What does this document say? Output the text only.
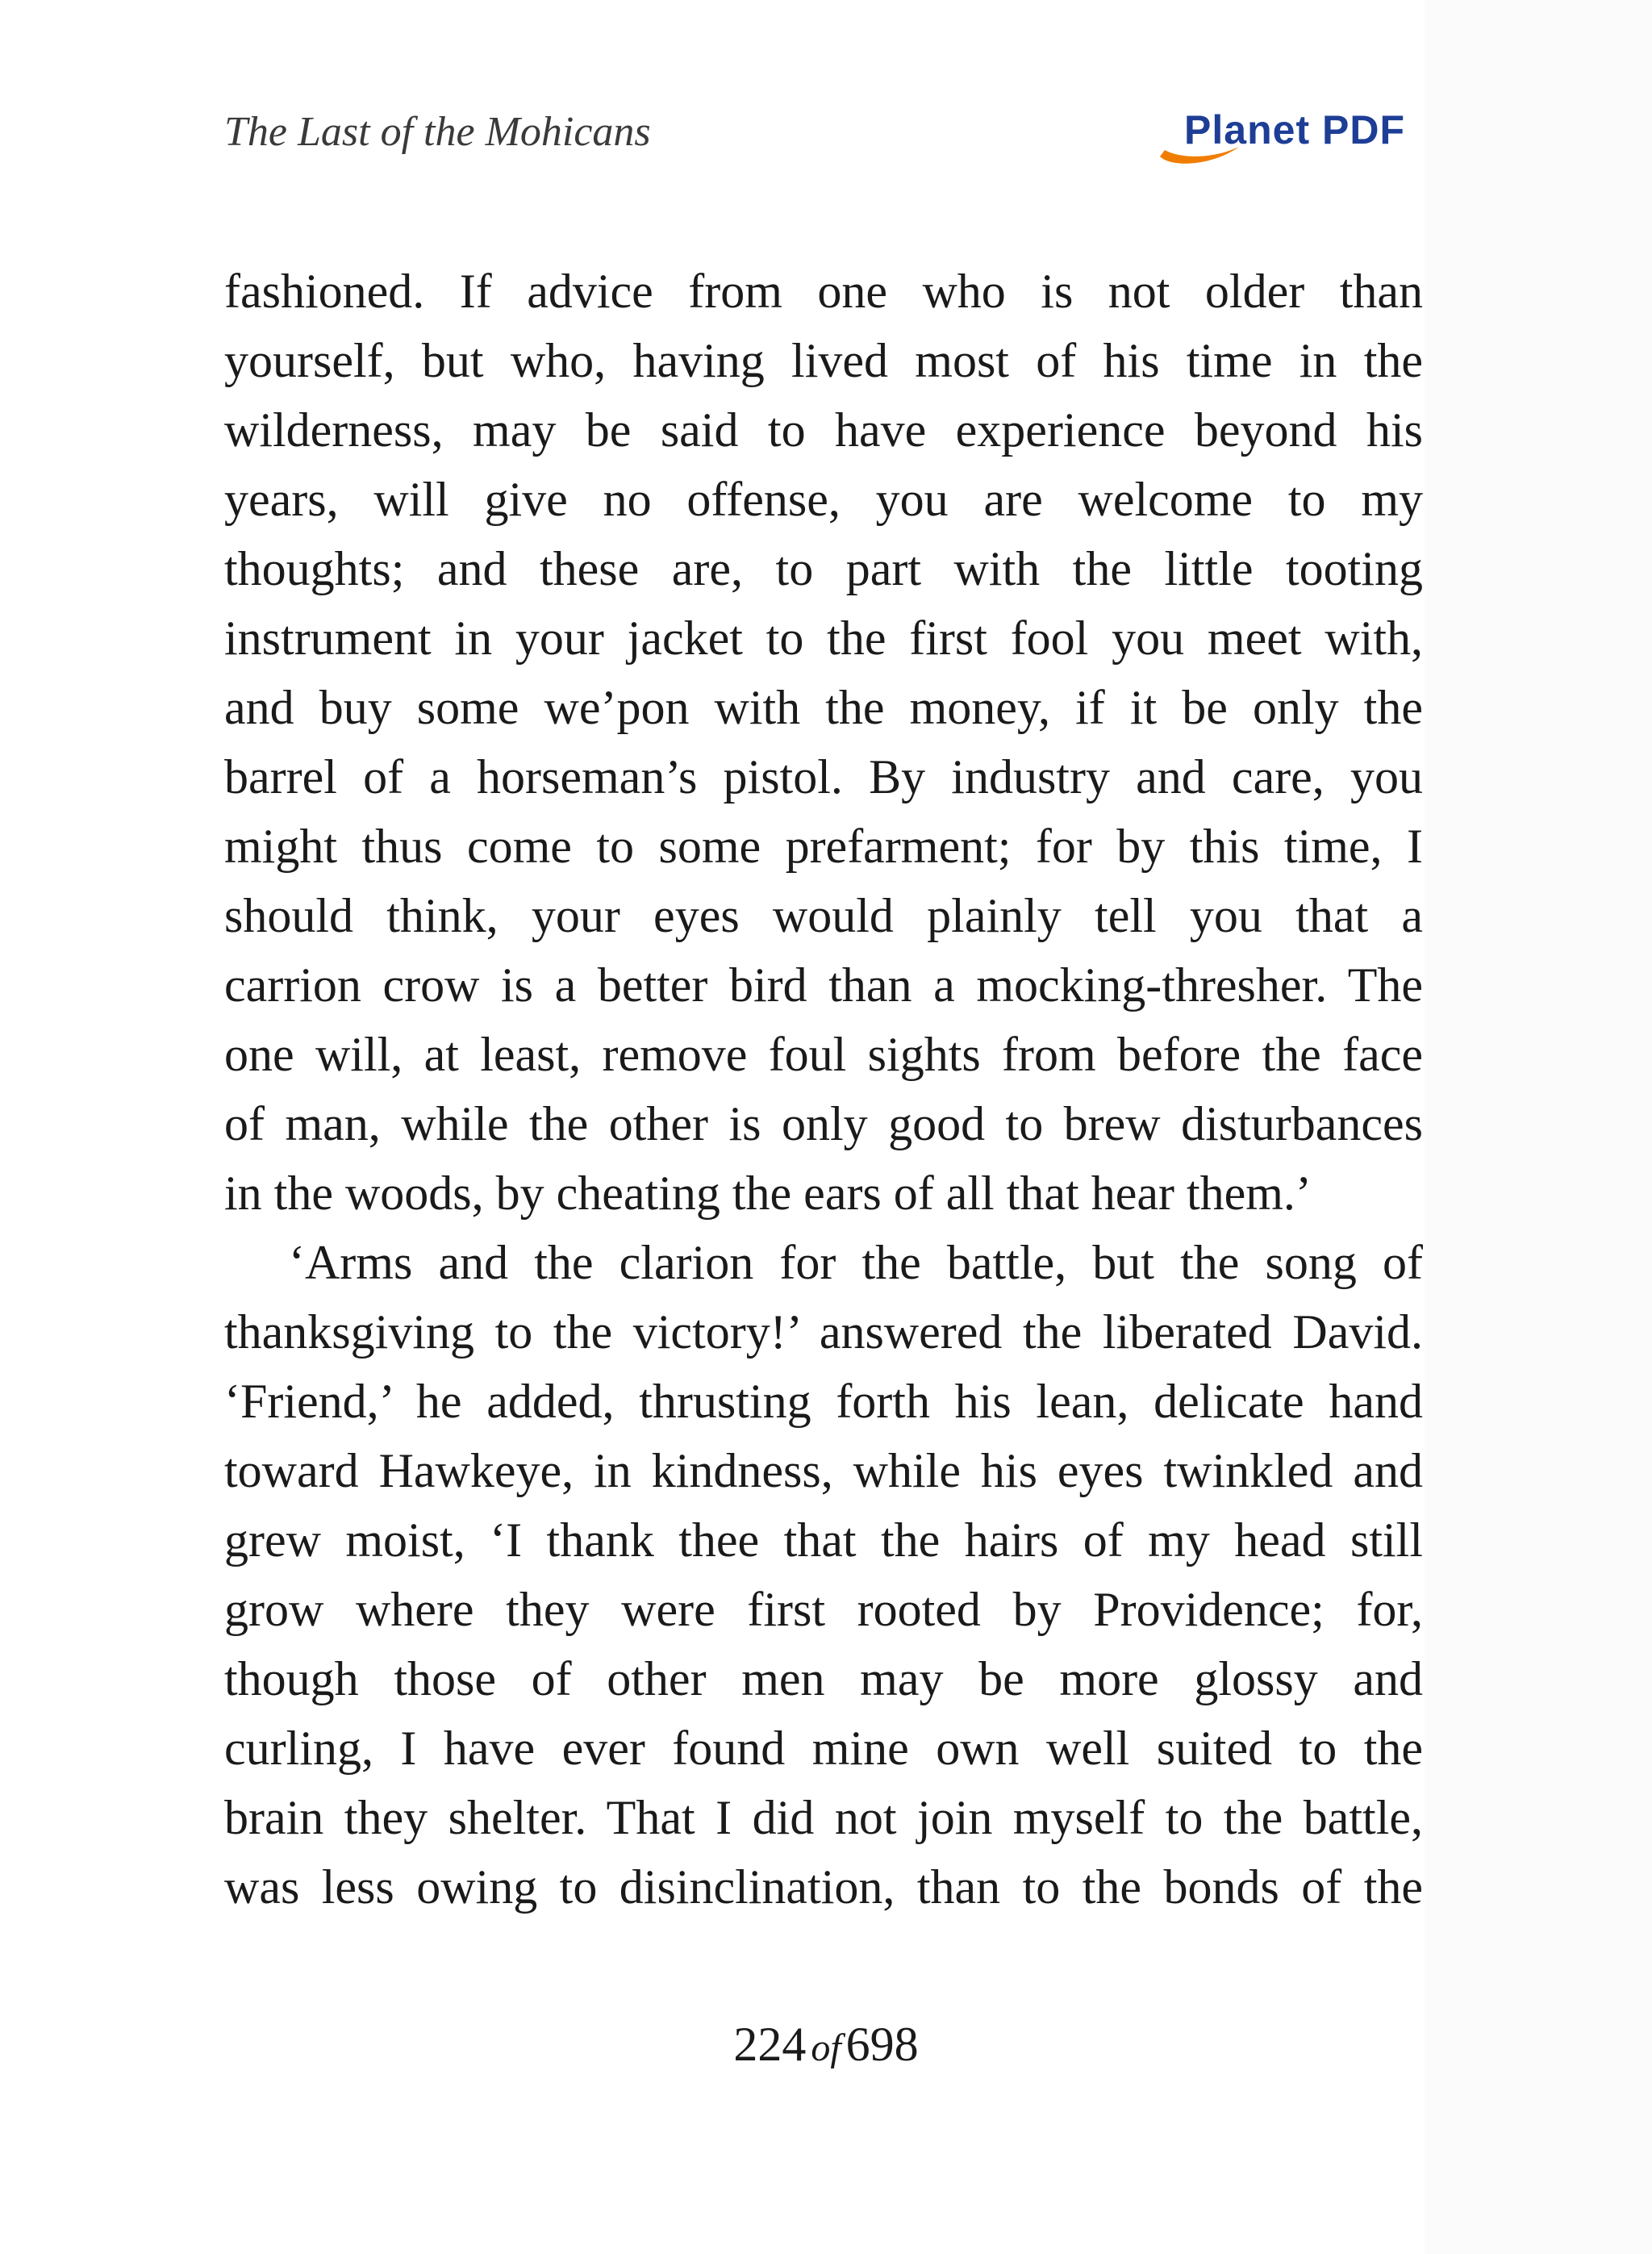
The Last of the Mohicans	Planet PDF
fashioned. If advice from one who is not older than
yourself, but who, having lived most of his time in the
wilderness, may be said to have experience beyond his
years, will give no offense, you are welcome to my
thoughts; and these are, to part with the little tooting
instrument in your jacket to the first fool you meet with,
and buy some we’pon with the money, if it be only the
barrel of a horseman’s pistol. By industry and care, you
might thus come to some prefarment; for by this time, I
should think, your eyes would plainly tell you that a
carrion crow is a better bird than a mocking-thresher. The
one will, at least, remove foul sights from before the face
of man, while the other is only good to brew disturbances
in the woods, by cheating the ears of all that hear them.’
‘Arms and the clarion for the battle, but the song of
thanksgiving to the victory!’ answered the liberated David.
‘Friend,’ he added, thrusting forth his lean, delicate hand
toward Hawkeye, in kindness, while his eyes twinkled and
grew moist, ‘I thank thee that the hairs of my head still
grow where they were first rooted by Providence; for,
though those of other men may be more glossy and
curling, I have ever found mine own well suited to the
brain they shelter. That I did not join myself to the battle,
was less owing to disinclination, than to the bonds of the
224 of 698
